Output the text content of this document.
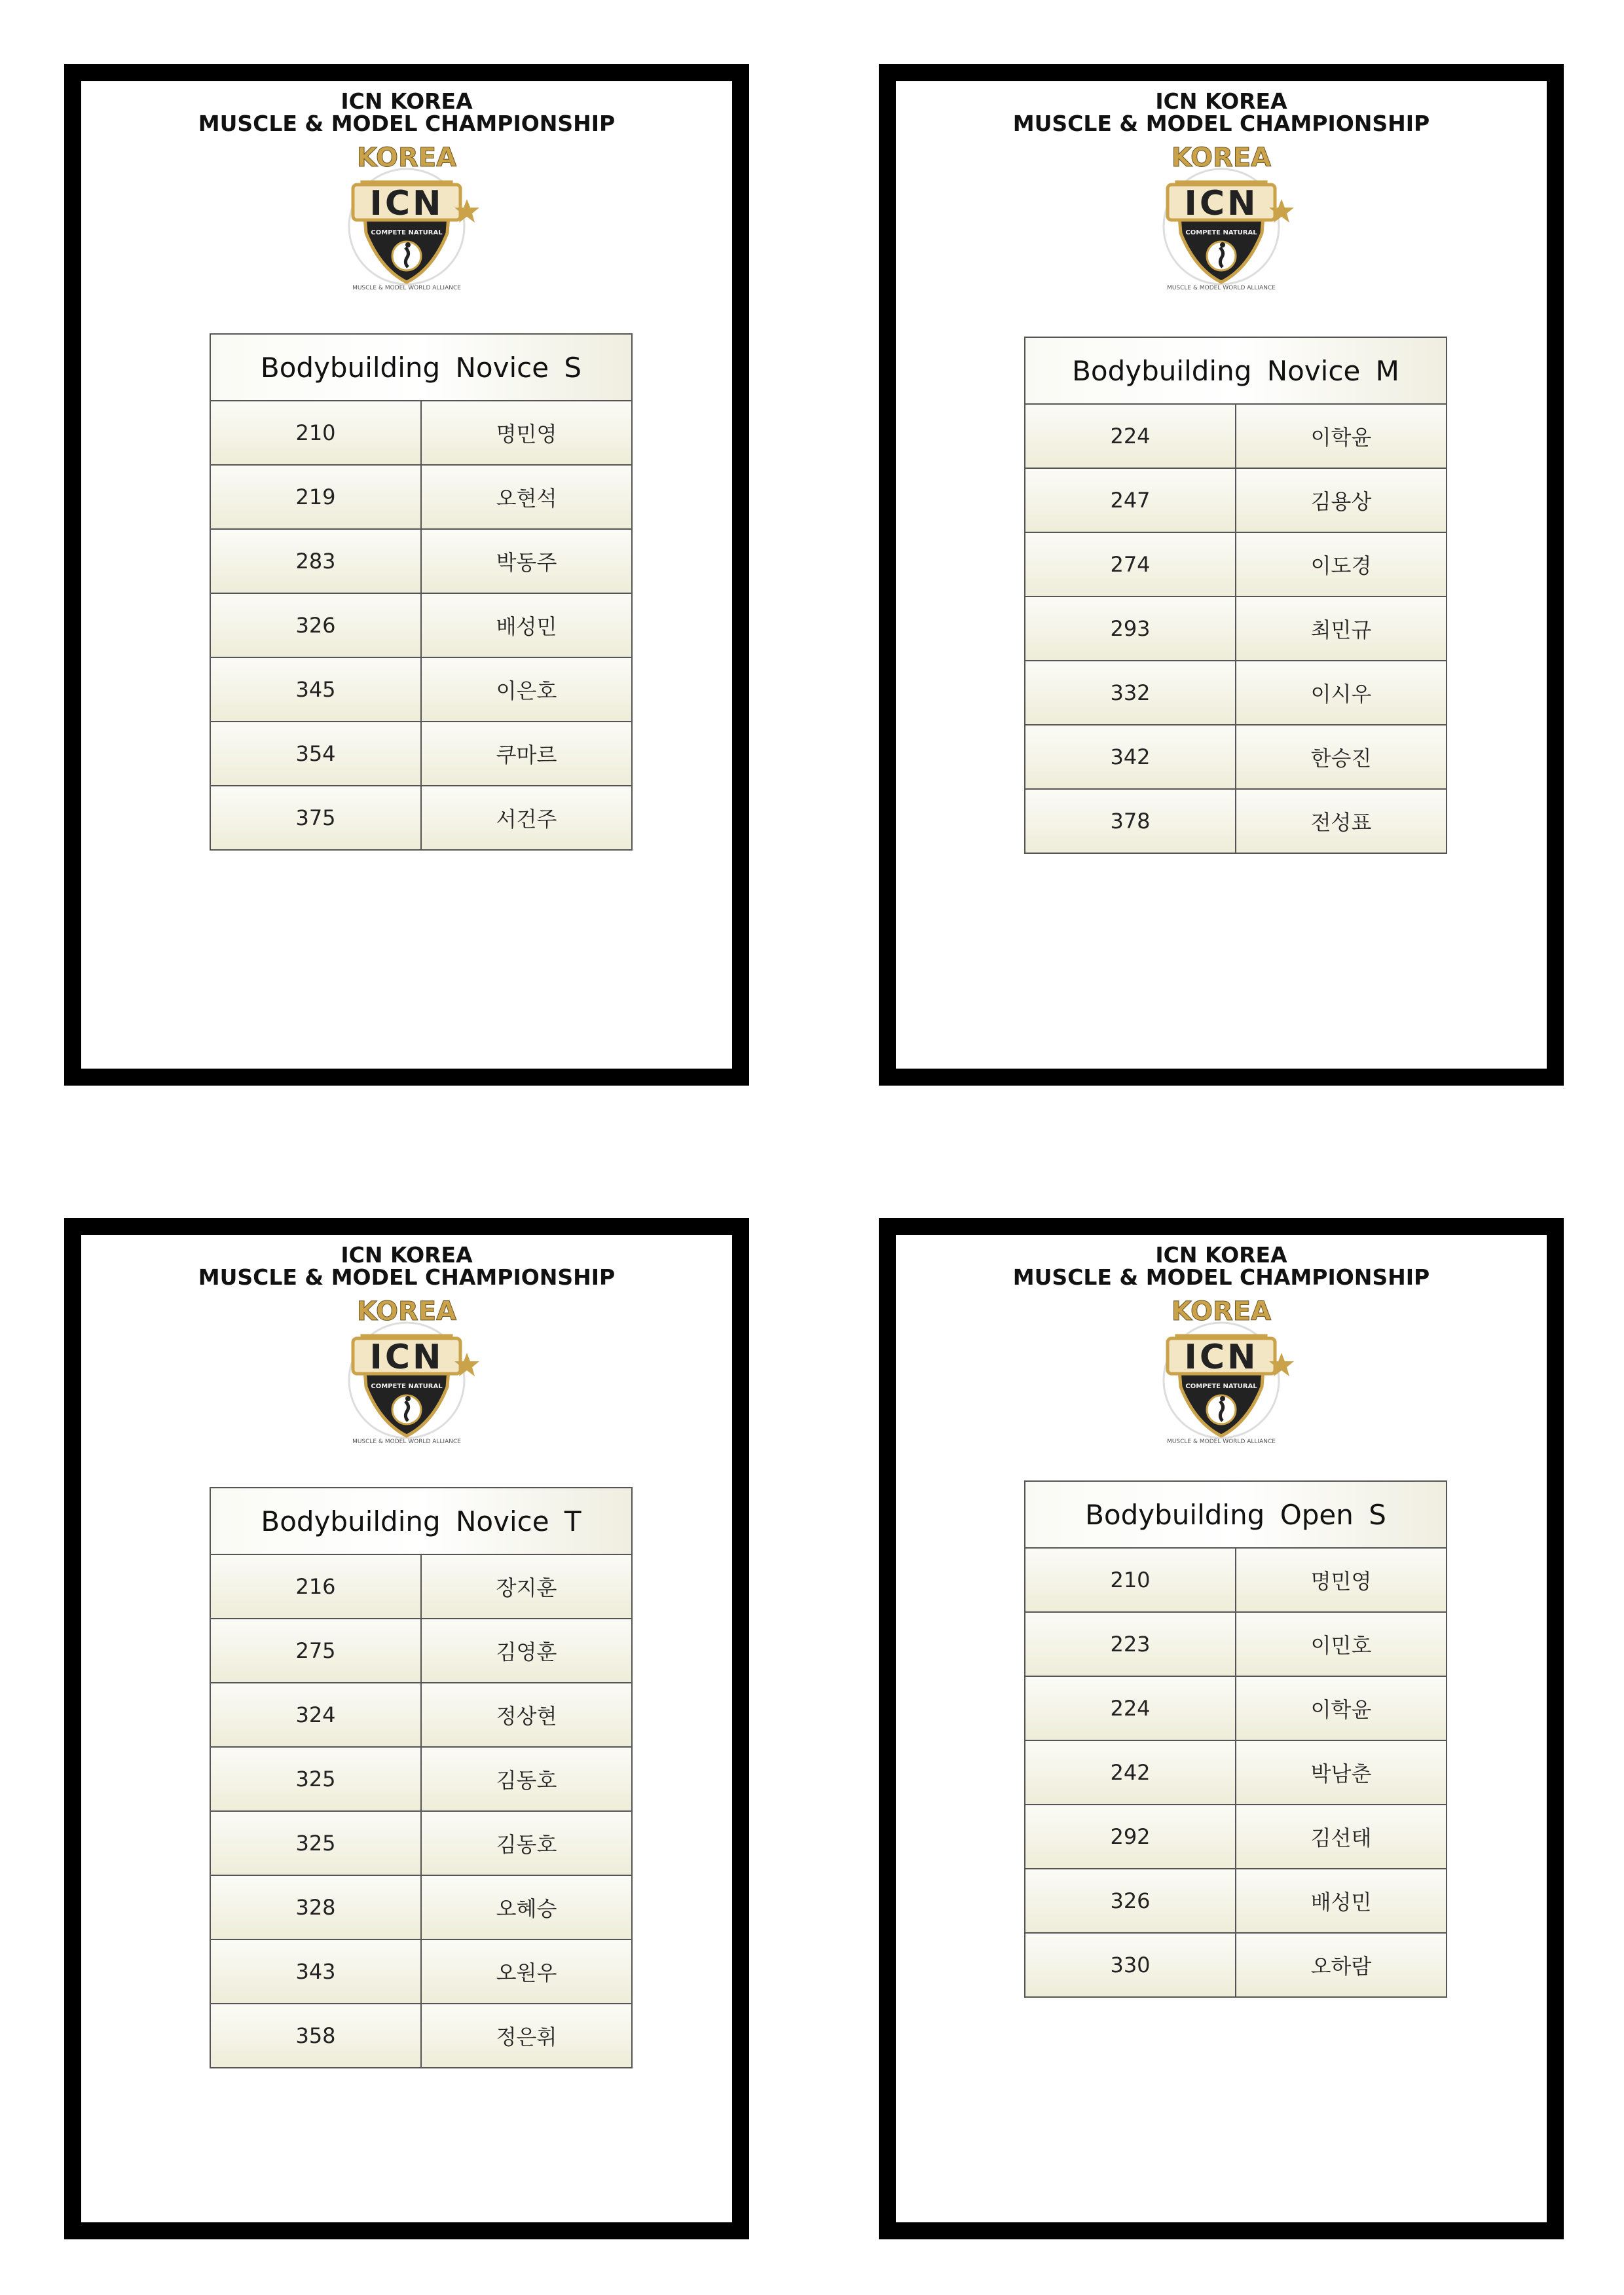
ICN KOREA
MUSCLE & MODEL CHAMPIONSHIP
KOREA
ICN
COMPETE NATURAL
MUSCLE & MODEL WORLD ALLIANCE
Bodybuilding Novice S
210	명민영
219	오현석
283	박동주
326	배성민
345	이은호
354	쿠마르
375	서건주
ICN KOREA
MUSCLE & MODEL CHAMPIONSHIP
KOREA
ICN
COMPETE NATURAL
MUSCLE & MODEL WORLD ALLIANCE
Bodybuilding Novice M
224	이학윤
247	김용상
274	이도경
293	최민규
332	이시우
342	한승진
378	전성표
ICN KOREA
MUSCLE & MODEL CHAMPIONSHIP
KOREA
ICN
COMPETE NATURAL
MUSCLE & MODEL WORLD ALLIANCE
Bodybuilding Novice T
216	장지훈
275	김영훈
324	정상현
325	김동호
325	김동호
328	오혜승
343	오원우
358	정은휘
ICN KOREA
MUSCLE & MODEL CHAMPIONSHIP
KOREA
ICN
COMPETE NATURAL
MUSCLE & MODEL WORLD ALLIANCE
Bodybuilding Open S
210	명민영
223	이민호
224	이학윤
242	박남춘
292	김선태
326	배성민
330	오하람
